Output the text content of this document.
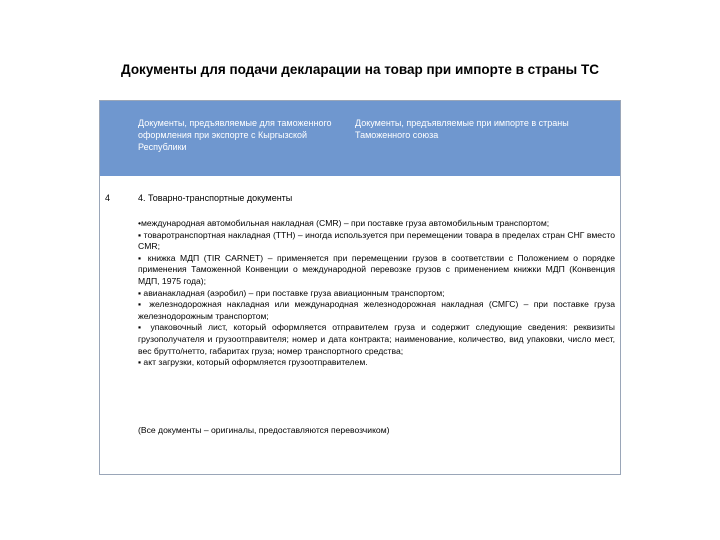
Документы для подачи декларации на товар при импорте в страны ТС
Документы, предъявляемые для таможенного оформления при экспорте с Кыргызской Республики
Документы, предъявляемые при импорте в страны Таможенного союза
4	4. Товарно-транспортные документы

•международная автомобильная накладная (CMR) – при поставке груза автомобильным транспортом;

▪ товаротранспортная накладная (ТТН) – иногда используется при перемещении товара в пределах стран СНГ вместо CMR;

▪ книжка МДП (TIR CARNET) – применяется при перемещении грузов в соответствии с Положением о порядке применения Таможенной Конвенции о международной перевозке грузов с применением книжки МДП (Конвенция МДП, 1975 года);

▪ авианакладная (аэробил) – при поставке груза авиационным транспортом;

▪ железнодорожная накладная или международная железнодорожная накладная (СМГС) – при поставке груза железнодорожным транспортом;

▪ упаковочный лист, который оформляется отправителем груза и содержит следующие сведения: реквизиты грузополучателя и грузоотправителя; номер и дата контракта; наименование, количество, вид упаковки, число мест, вес брутто/нетто, габаритах груза; номер транспортного средства;

▪ акт загрузки, который оформляется грузоотправителем.

(Все документы – оригиналы, предоставляются перевозчиком)
